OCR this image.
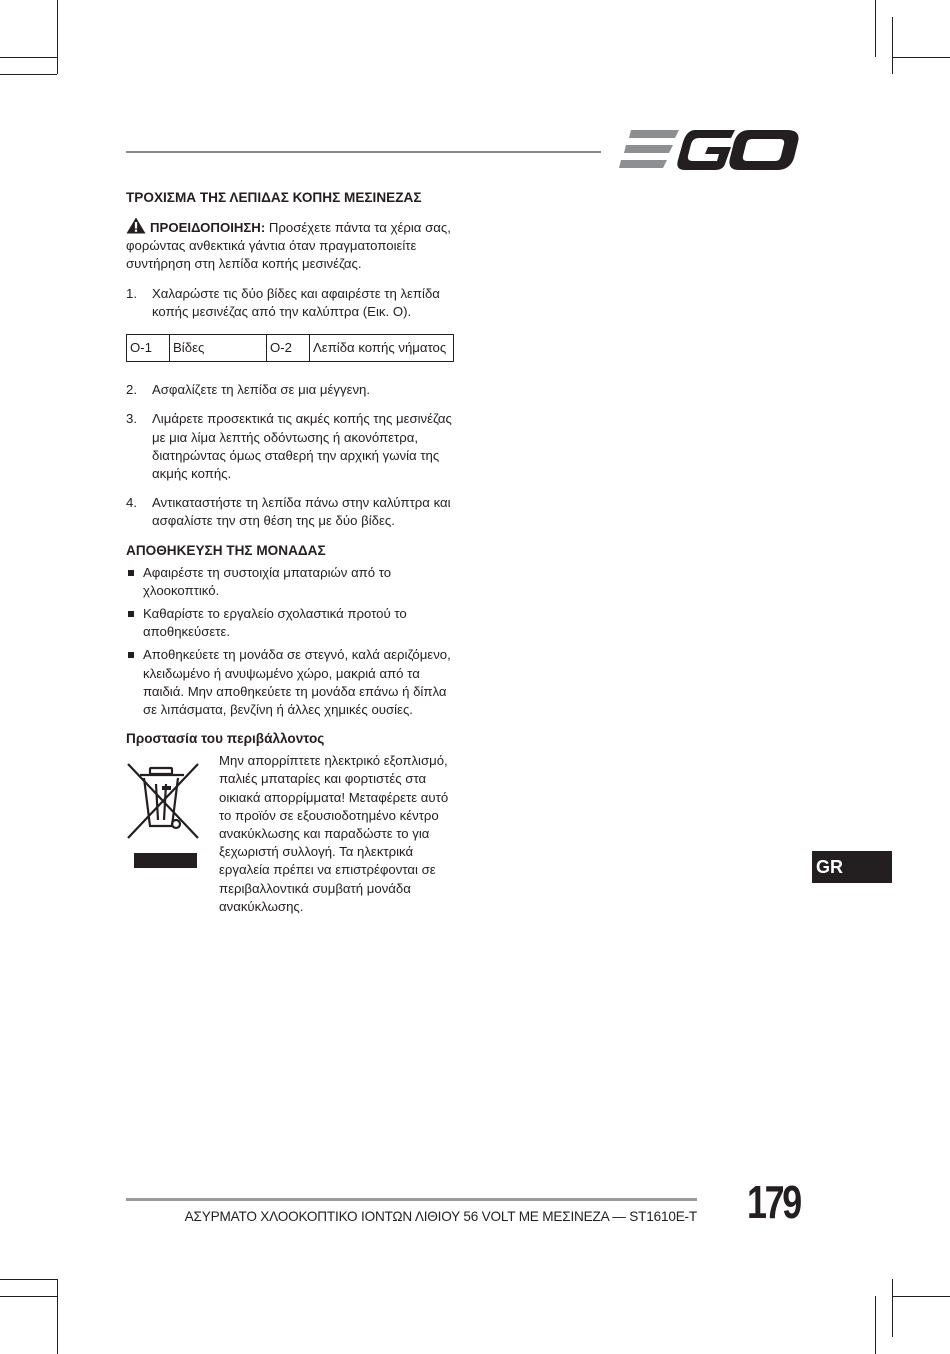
ΤΡΟΧΙΣΜΑ ΤΗΣ ΛΕΠΙΔΑΣ ΚΟΠΗΣ ΜΕΣΙΝΕΖΑΣ

ΠΡΟΕΙΔΟΠΟΙΗΣΗ: Προσέχετε πάντα τα χέρια σας, φορώντας ανθεκτικά γάντια όταν πραγματοποιείτε συντήρηση στη λεπίδα κοπής μεσινέζας.

1. Χαλαρώστε τις δύο βίδες και αφαιρέστε τη λεπίδα κοπής μεσινέζας από την καλύπτρα (Εικ. O).
O-1	Βίδες	O-2	Λεπίδα κοπής νήματος
2. Ασφαλίζετε τη λεπίδα σε μια μέγγενη.
3. Λιμάρετε προσεκτικά τις ακμές κοπής της μεσινέζας με μια λίμα λεπτής οδόντωσης ή ακονόπετρα, διατηρώντας όμως σταθερή την αρχική γωνία της ακμής κοπής.
4. Αντικαταστήστε τη λεπίδα πάνω στην καλύπτρα και ασφαλίστε την στη θέση της με δύο βίδες.
ΑΠΟΘΗΚΕΥΣΗ ΤΗΣ ΜΟΝΑΔΑΣ
Αφαιρέστε τη συστοιχία μπαταριών από το χλοοκοπτικό.
Καθαρίστε το εργαλείο σχολαστικά προτού το αποθηκεύσετε.
Αποθηκεύετε τη μονάδα σε στεγνό, καλά αεριζόμενο, κλειδωμένο ή ανυψωμένο χώρο, μακριά από τα παιδιά. Μην αποθηκεύετε τη μονάδα επάνω ή δίπλα σε λιπάσματα, βενζίνη ή άλλες χημικές ουσίες.
Προστασία του περιβάλλοντος
Μην απορρίπτετε ηλεκτρικό εξοπλισμό, παλιές μπαταρίες και φορτιστές στα οικιακά απορρίμματα! Μεταφέρετε αυτό το προϊόν σε εξουσιοδοτημένο κέντρο ανακύκλωσης και παραδώστε το για ξεχωριστή συλλογή. Τα ηλεκτρικά εργαλεία πρέπει να επιστρέφονται σε περιβαλλοντικά συμβατή μονάδα ανακύκλωσης.
GR
ΑΣΥΡΜΑΤΟ ΧΛΟΟΚΟΠΤΙΚΟ ΙΟΝΤΩΝ ΛΙΘΙΟΥ 56 VOLT ΜΕ ΜΕΣΙΝΕΖΑ — ST1610E-T 179
